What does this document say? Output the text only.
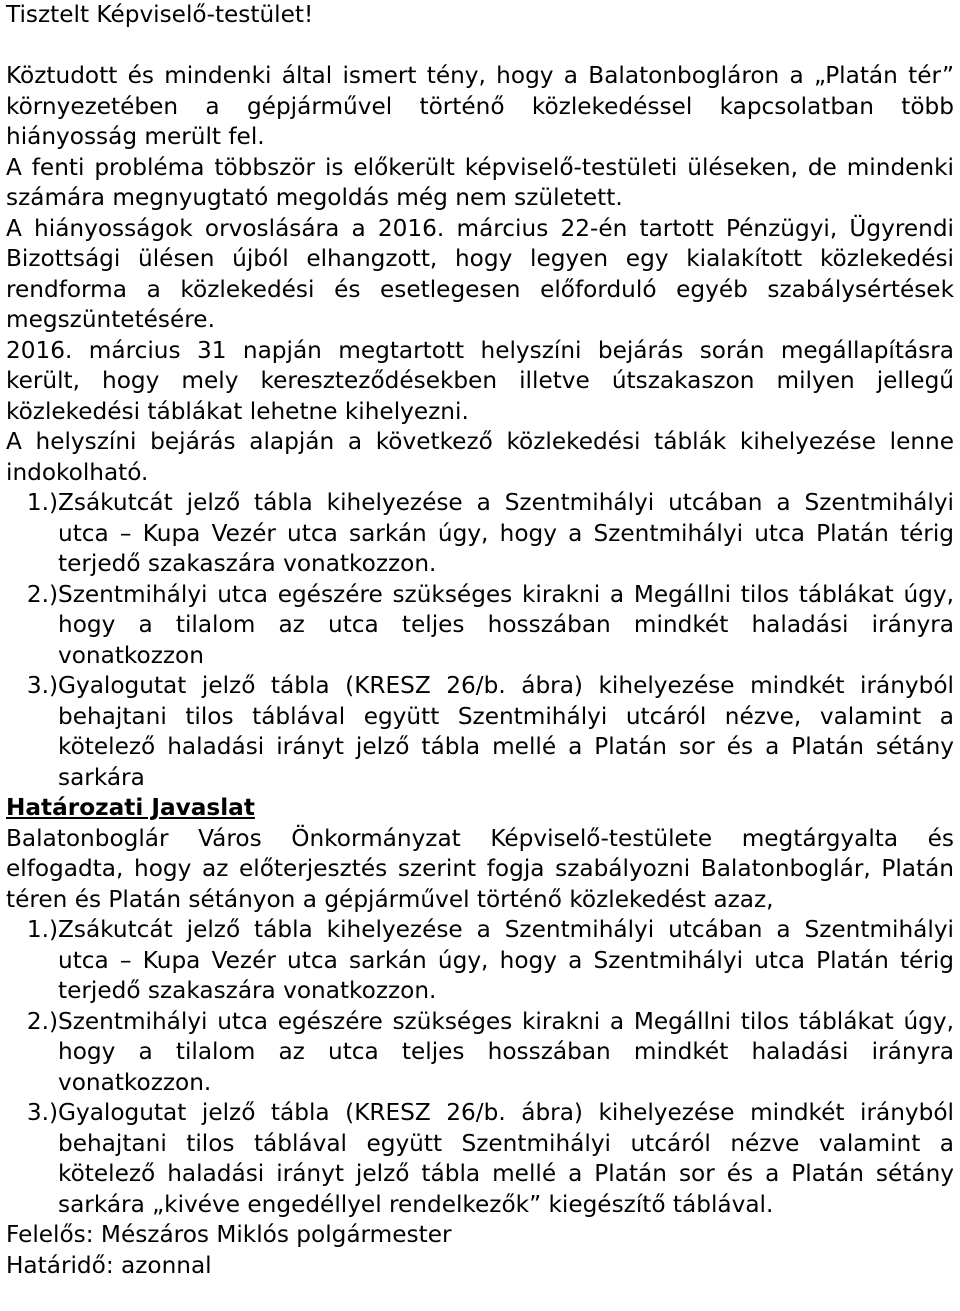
Tisztelt Képviselő-testület!

Köztudott és mindenki által ismert tény, hogy a Balatonbogláron a „Platán tér” környezetében a gépjárművel történő közlekedéssel kapcsolatban több hiányosság merült fel.

A fenti probléma többször is előkerült képviselő-testületi üléseken, de mindenki számára megnyugtató megoldás még nem született.

A hiányosságok orvoslására a 2016. március 22-én tartott Pénzügyi, Ügyrendi Bizottsági ülésen újból elhangzott, hogy legyen egy kialakított közlekedési rendforma a közlekedési és esetlegesen előforduló egyéb szabálysértések megszüntetésére.

2016. március 31 napján megtartott helyszíni bejárás során megállapításra került, hogy mely kereszteződésekben illetve útszakaszon milyen jellegű közlekedési táblákat lehetne kihelyezni.

A helyszíni bejárás alapján a következő közlekedési táblák kihelyezése lenne indokolható.

1.) Zsákutcát jelző tábla kihelyezése a Szentmihályi utcában a Szentmihályi utca – Kupa Vezér utca sarkán úgy, hogy a Szentmihályi utca Platán térig terjedő szakaszára vonatkozzon.
2.) Szentmihályi utca egészére szükséges kirakni a Megállni tilos táblákat úgy, hogy a tilalom az utca teljes hosszában mindkét haladási irányra vonatkozzon
3.) Gyalogutat jelző tábla (KRESZ 26/b. ábra) kihelyezése mindkét irányból behajtani tilos táblával együtt Szentmihályi utcáról nézve, valamint a kötelező haladási irányt jelző tábla mellé a Platán sor és a Platán sétány sarkára

Határozati Javaslat

Balatonboglár Város Önkormányzat Képviselő-testülete megtárgyalta és elfogadta, hogy az előterjesztés szerint fogja szabályozni Balatonboglár, Platán téren és Platán sétányon a gépjárművel történő közlekedést azaz,

1.) Zsákutcát jelző tábla kihelyezése a Szentmihályi utcában a Szentmihályi utca – Kupa Vezér utca sarkán úgy, hogy a Szentmihályi utca Platán térig terjedő szakaszára vonatkozzon.
2.) Szentmihályi utca egészére szükséges kirakni a Megállni tilos táblákat úgy, hogy a tilalom az utca teljes hosszában mindkét haladási irányra vonatkozzon.
3.) Gyalogutat jelző tábla (KRESZ 26/b. ábra) kihelyezése mindkét irányból behajtani tilos táblával együtt Szentmihályi utcáról nézve valamint a kötelező haladási irányt jelző tábla mellé a Platán sor és a Platán sétány sarkára „kivéve engedéllyel rendelkezők” kiegészítő táblával.

Felelős: Mészáros Miklós polgármester

Határidő: azonnal
